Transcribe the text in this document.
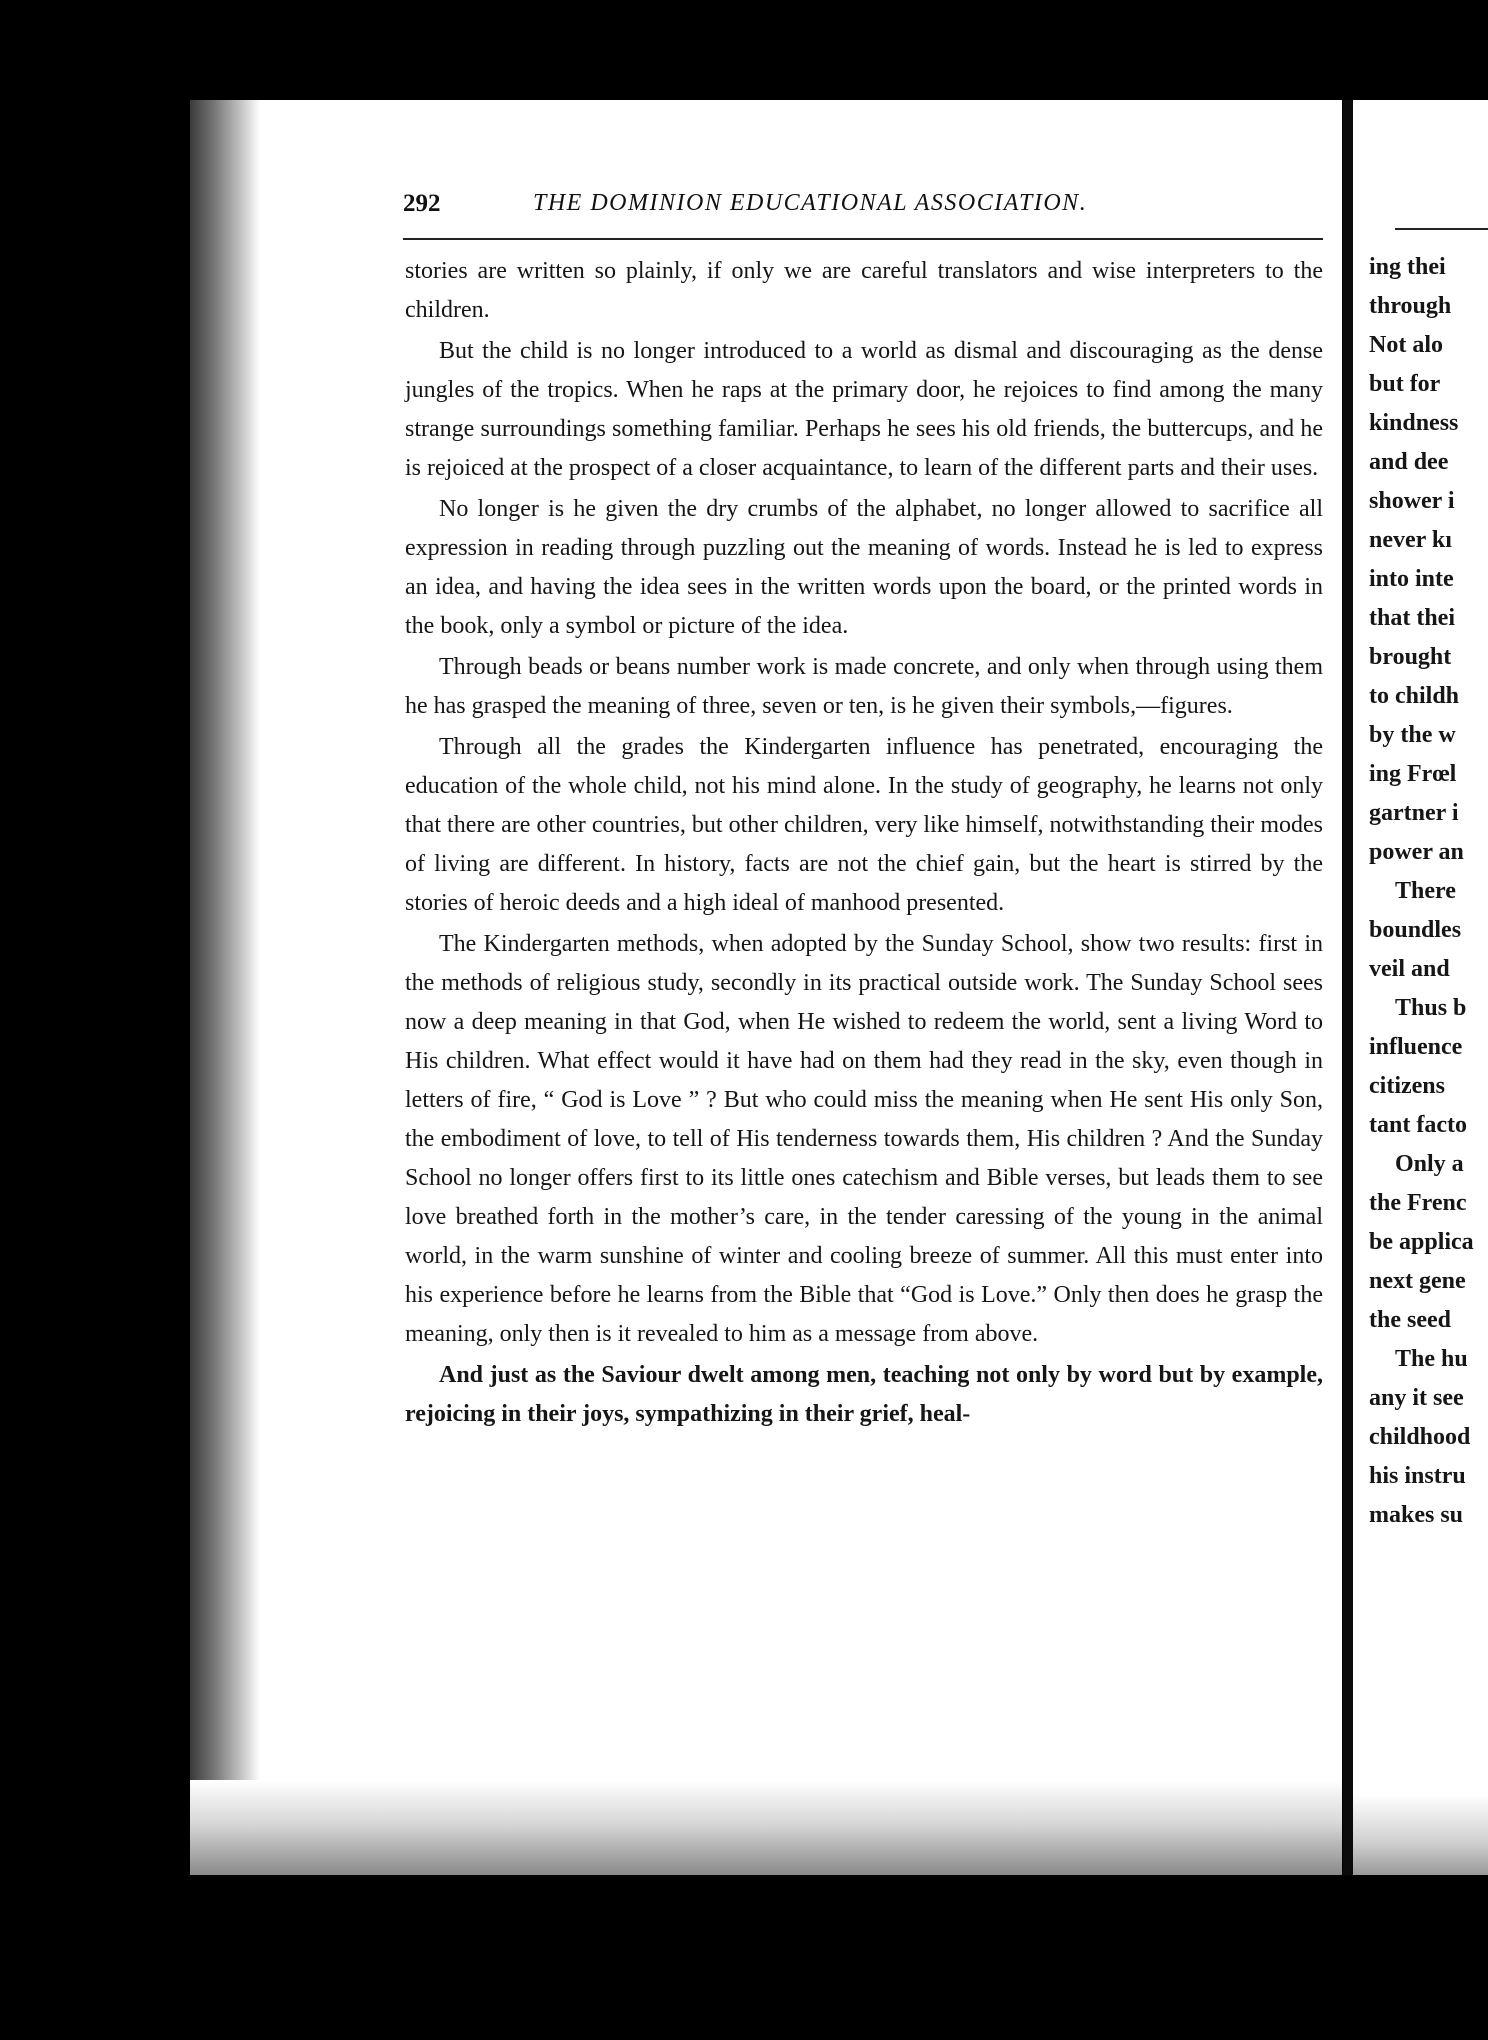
292	THE DOMINION EDUCATIONAL ASSOCIATION.

stories are written so plainly, if only we are careful translators and wise interpreters to the children.

But the child is no longer introduced to a world as dismal and discouraging as the dense jungles of the tropics. When he raps at the primary door, he rejoices to find among the many strange surroundings something familiar. Perhaps he sees his old friends, the buttercups, and he is rejoiced at the prospect of a closer acquaintance, to learn of the different parts and their uses.

No longer is he given the dry crumbs of the alphabet, no longer allowed to sacrifice all expression in reading through puzzling out the meaning of words. Instead he is led to express an idea, and having the idea sees in the written words upon the board, or the printed words in the book, only a symbol or picture of the idea.

Through beads or beans number work is made concrete, and only when through using them he has grasped the meaning of three, seven or ten, is he given their symbols,—figures.

Through all the grades the Kindergarten influence has penetrated, encouraging the education of the whole child, not his mind alone. In the study of geography, he learns not only that there are other countries, but other children, very like himself, notwithstanding their modes of living are different. In history, facts are not the chief gain, but the heart is stirred by the stories of heroic deeds and a high ideal of manhood presented.

The Kindergarten methods, when adopted by the Sunday School, show two results: first in the methods of religious study, secondly in its practical outside work. The Sunday School sees now a deep meaning in that God, when He wished to redeem the world, sent a living Word to His children. What effect would it have had on them had they read in the sky, even though in letters of fire, “ God is Love ” ? But who could miss the meaning when He sent His only Son, the embodiment of love, to tell of His tenderness towards them, His children ? And the Sunday School no longer offers first to its little ones catechism and Bible verses, but leads them to see love breathed forth in the mother’s care, in the tender caressing of the young in the animal world, in the warm sunshine of winter and cooling breeze of summer. All this must enter into his experience before he learns from the Bible that “God is Love.” Only then does he grasp the meaning, only then is it revealed to him as a message from above.

And just as the Saviour dwelt among men, teaching not only by word but by example, rejoicing in their joys, sympathizing in their grief, heal-

ing thei
through
Not alo
but for
kindness
and dee
shower i
never kı
into inte
that thei
brought
to childh
by the w
ing Frœl
gartner i
power an
There
boundles
veil and
Thus b
influence
citizens
tant facto
Only a
the Frenc
be applica
next gene
the seed
The hu
any it see
childhood
his instru
makes su
